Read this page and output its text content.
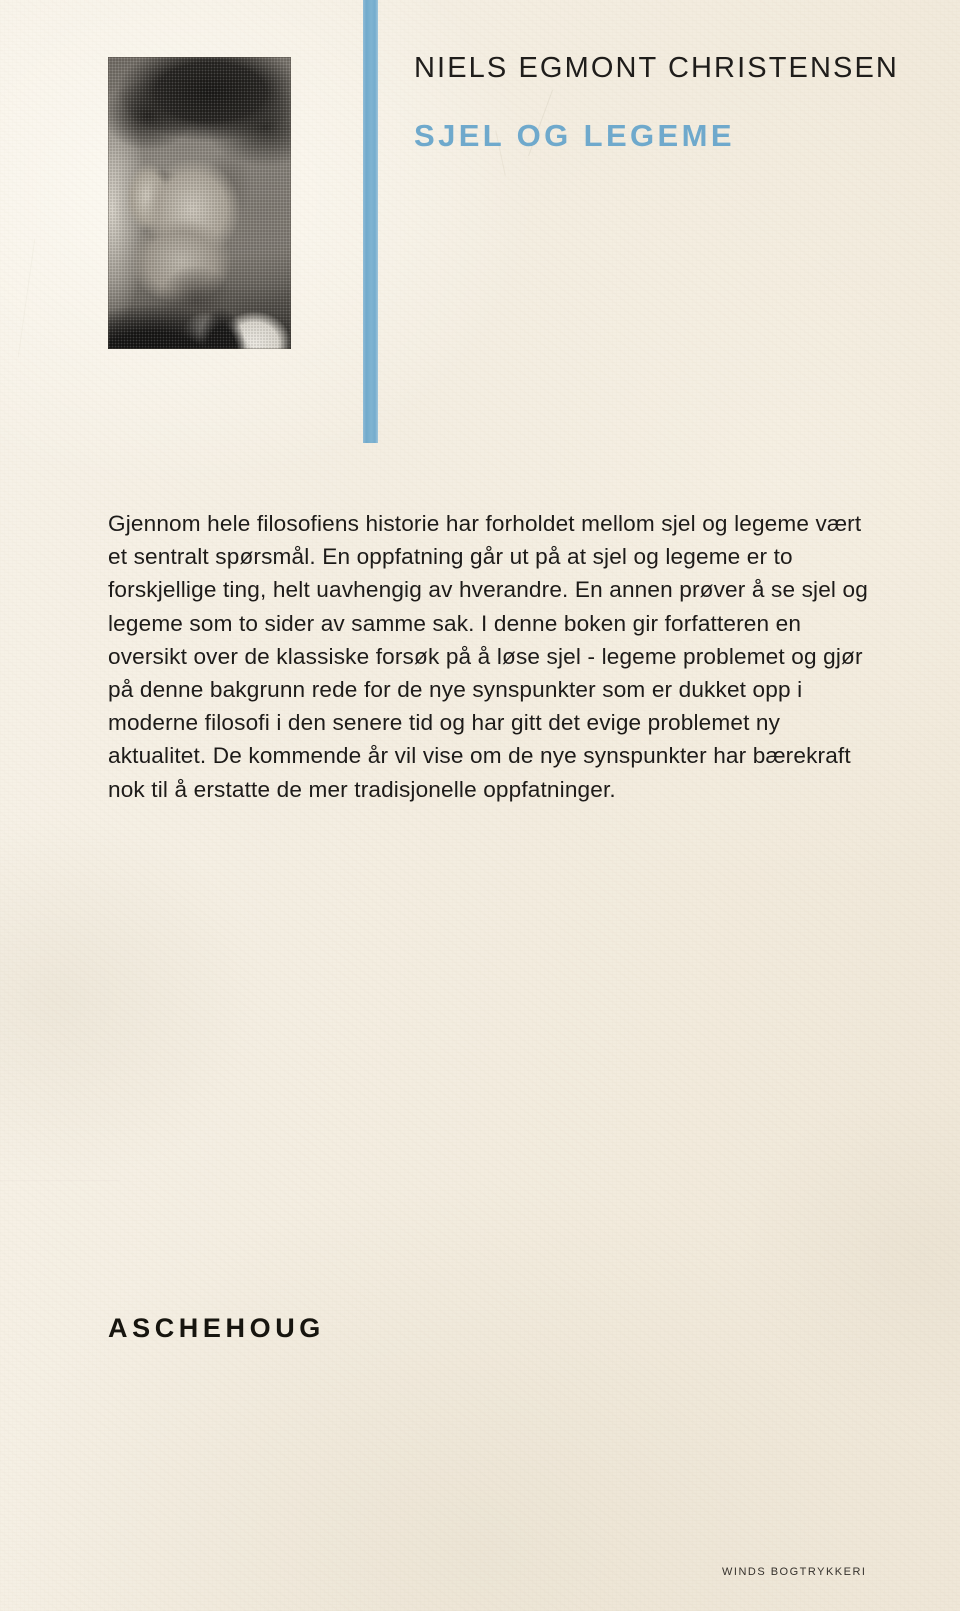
NIELS EGMONT CHRISTENSEN
SJEL OG LEGEME

Gjennom hele filosofiens historie har forholdet mellom sjel og legeme vært et sentralt spørsmål. En oppfatning går ut på at sjel og legeme er to forskjellige ting, helt uavhengig av hverandre. En annen prøver å se sjel og legeme som to sider av samme sak. I denne boken gir forfatteren en oversikt over de klassiske forsøk på å løse sjel - legeme problemet og gjør på denne bakgrunn rede for de nye synspunkter som er dukket opp i moderne filosofi i den senere tid og har gitt det evige problemet ny aktualitet. De kommende år vil vise om de nye synspunkter har bærekraft nok til å erstatte de mer tradisjonelle oppfatninger.

ASCHEHOUG
WINDS BOGTRYKKERI
